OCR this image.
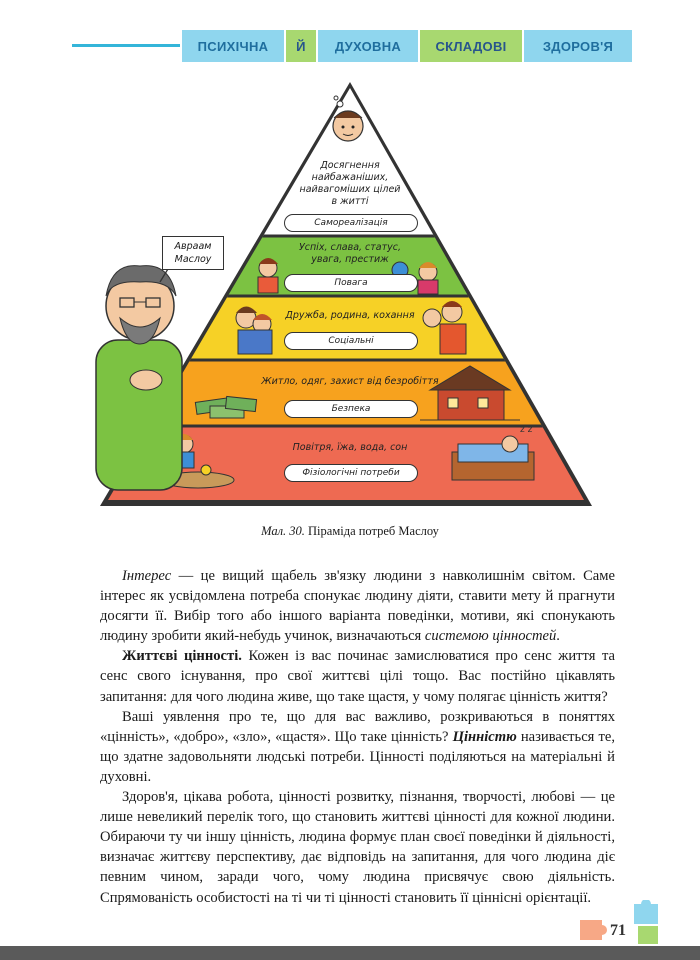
ПСИХІЧНА	Й	ДУХОВНА	СКЛАДОВІ	ЗДОРОВ'Я
z z
Авраам
Маслоу
Досягнення
найбажаніших,
найвагоміших цілей
в житті
Самореалізація
Успіх, слава, статус,
увага, престиж
Повага
Дружба, родина, кохання
Соціальні
Житло, одяг, захист від безробіття
Безпека
Повітря, їжа, вода, сон
Фізіологічні потреби
Мал. 30. Піраміда потреб Маслоу

Інтерес — це вищий щабель зв'язку людини з навколишнім світом. Саме інтерес як усвідомлена потреба спонукає людину діяти, ставити мету й прагнути досягти її. Вибір того або іншого варіанта поведінки, мотиви, які спонукають людину зробити який-небудь учинок, визначаються системою цінностей.

Життєві цінності. Кожен із вас починає замислюватися про сенс життя та сенс свого існування, про свої життєві цілі тощо. Вас постійно цікавлять запитання: для чого людина живе, що таке щастя, у чому полягає цінність життя?

Ваші уявлення про те, що для вас важливо, розкриваються в поняттях «цінність», «добро», «зло», «щастя». Що таке цінність? Цінністю називається те, що здатне задовольняти людські потреби. Цінності поділяються на матеріальні й духовні.

Здоров'я, цікава робота, цінності розвитку, пізнання, творчості, любові — це лише невеликий перелік того, що становить життєві цінності для кожної людини. Обираючи ту чи іншу цінність, людина формує план своєї поведінки й діяльності, визначає життєву перспективу, дає відповідь на запитання, для чого людина діє певним чином, заради чого, чому людина присвячує свою діяльність. Спрямованість особистості на ті чи ті цінності становить її ціннісні орієнтації.

71
